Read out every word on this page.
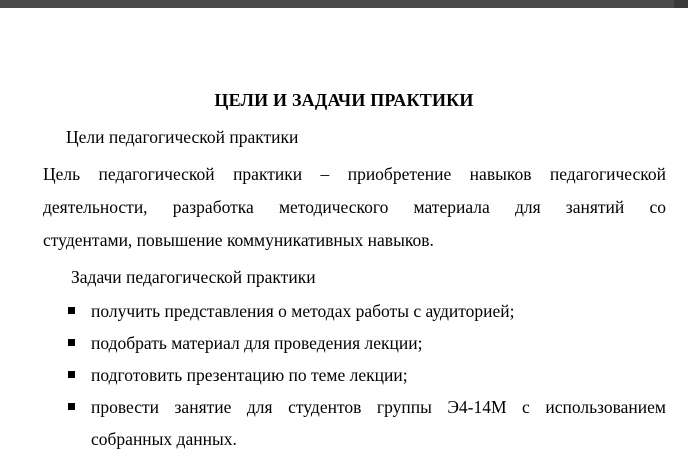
ЦЕЛИ И ЗАДАЧИ ПРАКТИКИ
Цели педагогической практики
Цель педагогической практики – приобретение навыков педагогической
деятельности, разработка методического материала для занятий со
студентами, повышение коммуникативных навыков.
Задачи педагогической практики
получить представления о методах работы с аудиторией;
подобрать материал для проведения лекции;
подготовить презентацию по теме лекции;
провести занятие для студентов группы Э4-14М с использованием
собранных данных.
